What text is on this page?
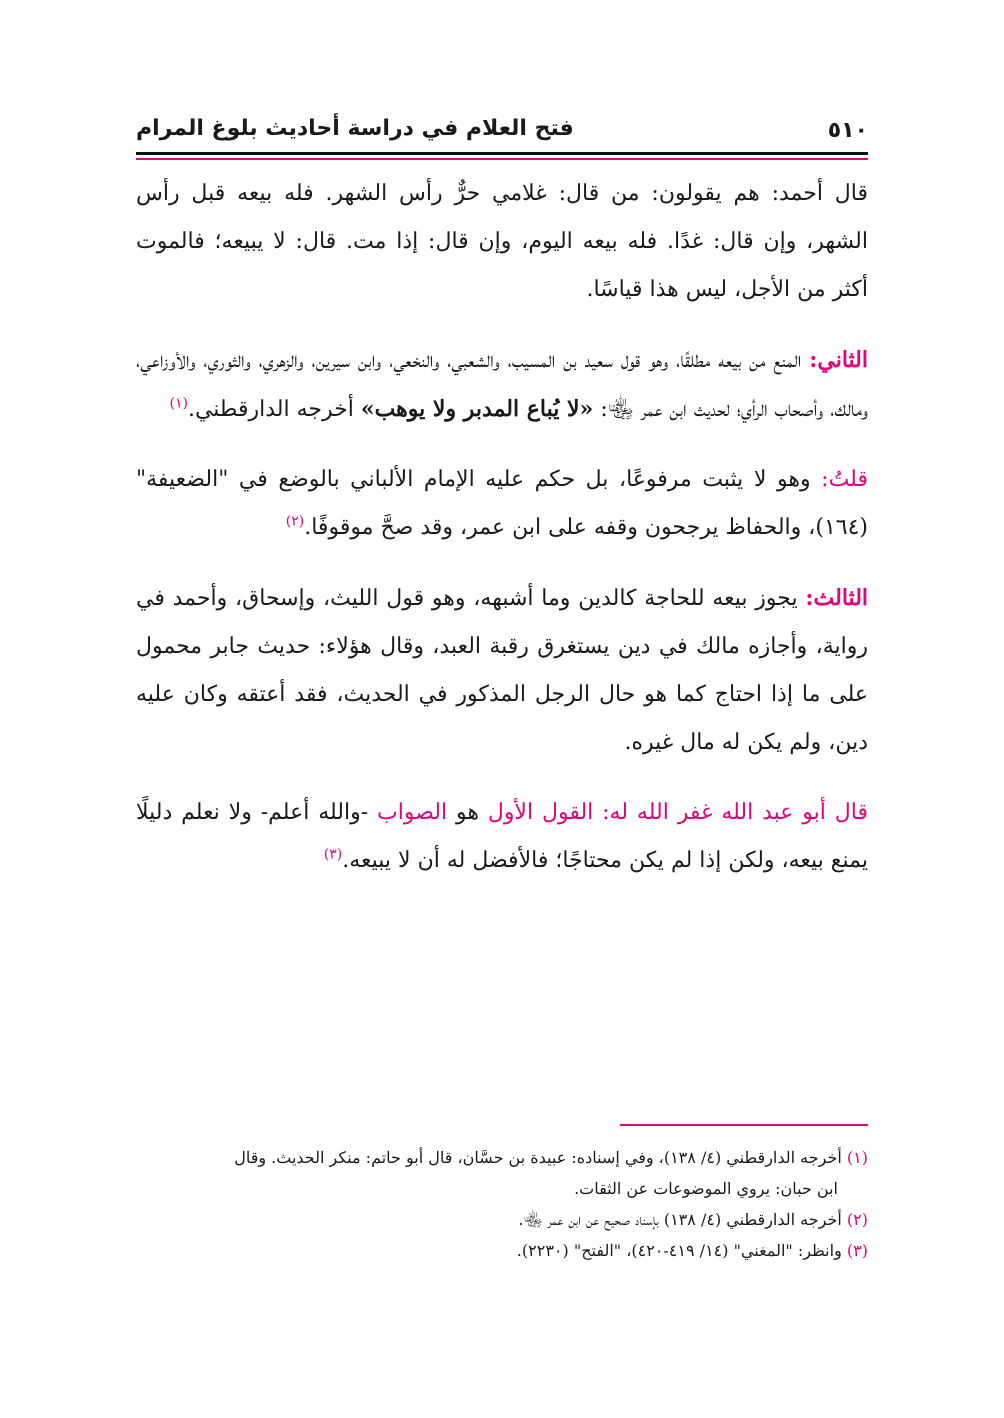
٥١٠
فتح العلام في دراسة أحاديث بلوغ المرام

قال أحمد: هم يقولون: من قال: غلامي حرٌّ رأس الشهر. فله بيعه قبل رأس الشهر، وإن قال: غدًا. فله بيعه اليوم، وإن قال: إذا مت. قال: لا يبيعه؛ فالموت أكثر من الأجل، ليس هذا قياسًا.

الثاني: المنع من بيعه مطلقًا، وهو قول سعيد بن المسيب، والشعبي، والنخعي، وابن سيرين، والزهري، والثوري، والأوزاعي، ومالك، وأصحاب الرأي؛ لحديث ابن عمر ﵄: «لا يُباع المدبر ولا يوهب» أخرجه الدارقطني.$^{(١)}$

قلتُ: وهو لا يثبت مرفوعًا، بل حكم عليه الإمام الألباني بالوضع في "الضعيفة" (١٦٤)، والحفاظ يرجحون وقفه على ابن عمر، وقد صحَّ موقوفًا.$^{(٢)}$

الثالث: يجوز بيعه للحاجة كالدين وما أشبهه، وهو قول الليث، وإسحاق، وأحمد في رواية، وأجازه مالك في دين يستغرق رقبة العبد، وقال هؤلاء: حديث جابر محمول على ما إذا احتاج كما هو حال الرجل المذكور في الحديث، فقد أعتقه وكان عليه دين، ولم يكن له مال غيره.

قال أبو عبد الله غفر الله له: القول الأول هو الصواب -والله أعلم- ولا نعلم دليلًا يمنع بيعه، ولكن إذا لم يكن محتاجًا؛ فالأفضل له أن لا يبيعه.$^{(٣)}$

(١) أخرجه الدارقطني (٤/ ١٣٨)، وفي إسناده: عبيدة بن حسَّان، قال أبو حاتم: منكر الحديث. وقال

ابن حبان: يروي الموضوعات عن الثقات.

(٢) أخرجه الدارقطني (٤/ ١٣٨) بإسناد صحيح عن ابن عمر ﵄.

(٣) وانظر: "المغني" (١٤/ ٤١٩-٤٢٠)، "الفتح" (٢٢٣٠).
